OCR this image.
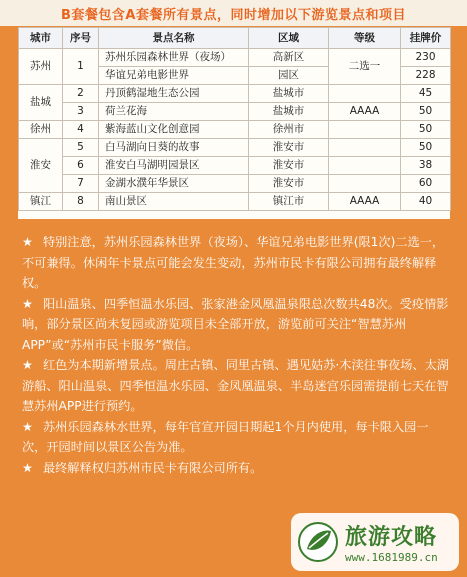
B套餐包含A套餐所有景点，同时增加以下游览景点和项目
城市	序号	景点名称	区域	等级	挂牌价
苏州	1	苏州乐园森林世界（夜场）	高新区	二选一	230
		华谊兄弟电影世界	园区		228
盐城	2	丹顶鹤湿地生态公园	盐城市		45
	3	荷兰花海	盐城市	AAAA	50
徐州	4	紫海蓝山文化创意园	徐州市		50
淮安	5	白马湖向日葵的故事	淮安市		50
	6	淮安白马湖明园景区	淮安市		38
	7	金湖水濮年华景区	淮安市		60
镇江	8	南山景区	镇江市	AAAA	40

★ 特别注意，苏州乐园森林世界（夜场）、华谊兄弟电影世界(限1次)二选一，不可兼得。休闲年卡景点可能会发生变动，苏州市民卡有限公司拥有最终解释权。

★ 阳山温泉、四季恒温水乐园、张家港金凤凰温泉限总次数共48次。受疫情影响，部分景区尚未复园或游览项目未全部开放，游览前可关注“智慧苏州APP”或“苏州市民卡服务”微信。

★ 红色为本期新增景点。周庄古镇、同里古镇、遇见姑苏·木渎往事夜场、太湖游船、阳山温泉、四季恒温水乐园、金凤凰温泉、半岛迷宫乐园需提前七天在智慧苏州APP进行预约。

★ 苏州乐园森林水世界，每年官宣开园日期起1个月内使用，每卡限入园一次，开园时间以景区公告为准。

★ 最终解释权归苏州市民卡有限公司所有。

旅游攻略
www.1681989.cn
